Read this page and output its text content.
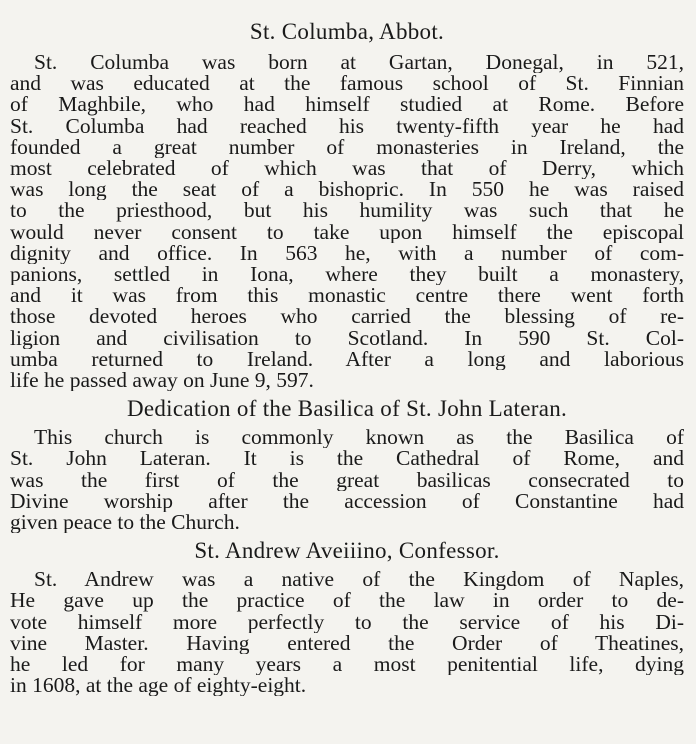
St. Columba, Abbot.

St. Columba was born at Gartan, Donegal, in 521,

and was educated at the famous school of St. Finnian

of Maghbile, who had himself studied at Rome. Before

St. Columba had reached his twenty-fifth year he had

founded a great number of monasteries in Ireland, the

most celebrated of which was that of Derry, which

was long the seat of a bishopric. In 550 he was raised

to the priesthood, but his humility was such that he

would never consent to take upon himself the episcopal

dignity and office. In 563 he, with a number of com-

panions, settled in Iona, where they built a monastery,

and it was from this monastic centre there went forth

those devoted heroes who carried the blessing of re-

ligion and civilisation to Scotland. In 590 St. Col-

umba returned to Ireland. After a long and laborious

life he passed away on June 9, 597.

Dedication of the Basilica of St. John Lateran.

This church is commonly known as the Basilica of

St. John Lateran. It is the Cathedral of Rome, and

was the first of the great basilicas consecrated to

Divine worship after the accession of Constantine had

given peace to the Church.

St. Andrew Aveiiino, Confessor.

St. Andrew was a native of the Kingdom of Naples,

He gave up the practice of the law in order to de-

vote himself more perfectly to the service of his Di-

vine Master. Having entered the Order of Theatines,

he led for many years a most penitential life, dying

in 1608, at the age of eighty-eight.
